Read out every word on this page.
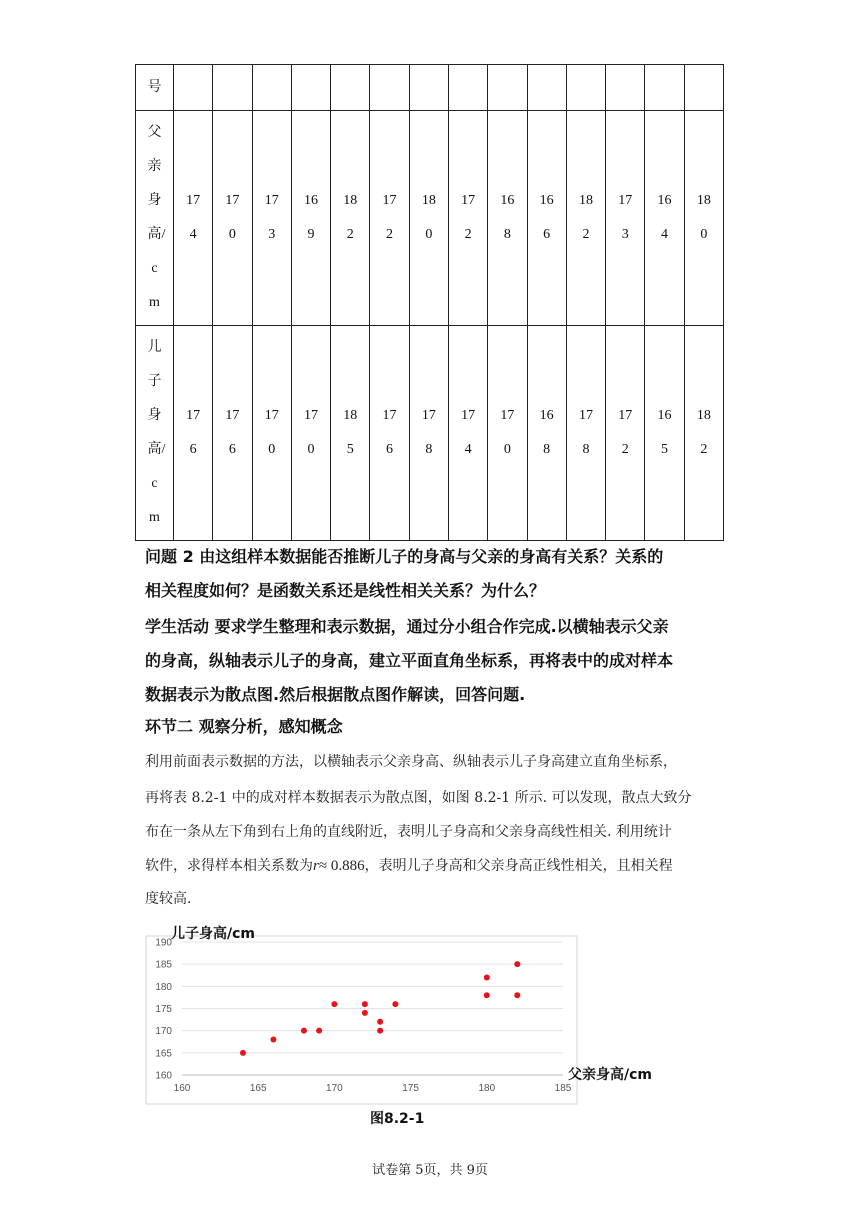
号														
父亲身高/cm	174	170	173	169	182	172	180	172	168	166	182	173	164	180
儿子身高/cm	176	176	170	170	185	176	178	174	170	168	178	172	165	182
问题 2 由这组样本数据能否推断儿子的身高与父亲的身高有关系？关系的
相关程度如何？是函数关系还是线性相关关系？为什么？
学生活动 要求学生整理和表示数据，通过分小组合作完成.以横轴表示父亲
的身高，纵轴表示儿子的身高，建立平面直角坐标系，再将表中的成对样本
数据表示为散点图.然后根据散点图作解读，回答问题.
环节二 观察分析，感知概念
利用前面表示数据的方法，以横轴表示父亲身高、纵轴表示儿子身高建立直角坐标系，
再将表 8.2-1 中的成对样本数据表示为散点图，如图 8.2-1 所示. 可以发现，散点大致分
布在一条从左下角到右上角的直线附近，表明儿子身高和父亲身高线性相关. 利用统计
软件，求得样本相关系数为r≈ 0.886，表明儿子身高和父亲身高正线性相关，且相关程
度较高.
160
165
170
175
180
185
190
160	165	170	175	180	185
儿子身高/cm
父亲身高/cm
图8.2-1
试卷第 5页，共 9页
